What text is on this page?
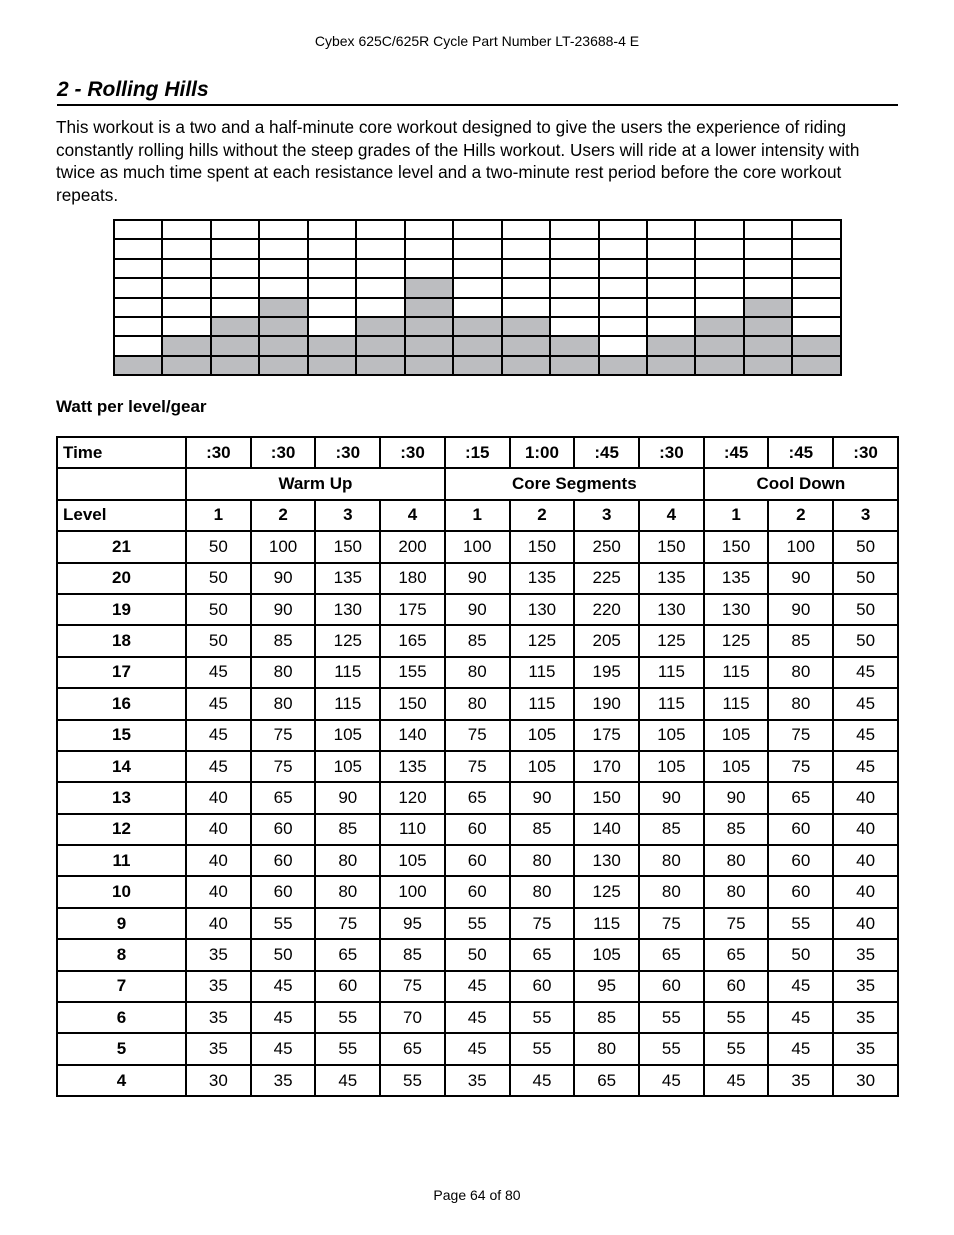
Cybex 625C/625R Cycle Part Number LT-23688-4 E
2 - Rolling Hills
This workout is a two and a half-minute core workout designed to give the users the experience of riding constantly rolling hills without the steep grades of the Hills workout. Users will ride at a lower intensity with twice as much time spent at each resistance level and a two-minute rest period before the core workout repeats.

Watt per level/gear
Time	:30	:30	:30	:30	:15	1:00	:45	:30	:45	:45	:30
	Warm Up				Core Segments				Cool Down		
Level	1	2	3	4	1	2	3	4	1	2	3
21	50	100	150	200	100	150	250	150	150	100	50
20	50	90	135	180	90	135	225	135	135	90	50
19	50	90	130	175	90	130	220	130	130	90	50
18	50	85	125	165	85	125	205	125	125	85	50
17	45	80	115	155	80	115	195	115	115	80	45
16	45	80	115	150	80	115	190	115	115	80	45
15	45	75	105	140	75	105	175	105	105	75	45
14	45	75	105	135	75	105	170	105	105	75	45
13	40	65	90	120	65	90	150	90	90	65	40
12	40	60	85	110	60	85	140	85	85	60	40
11	40	60	80	105	60	80	130	80	80	60	40
10	40	60	80	100	60	80	125	80	80	60	40
9	40	55	75	95	55	75	115	75	75	55	40
8	35	50	65	85	50	65	105	65	65	50	35
7	35	45	60	75	45	60	95	60	60	45	35
6	35	45	55	70	45	55	85	55	55	45	35
5	35	45	55	65	45	55	80	55	55	45	35
4	30	35	45	55	35	45	65	45	45	35	30
Page 64 of 80
